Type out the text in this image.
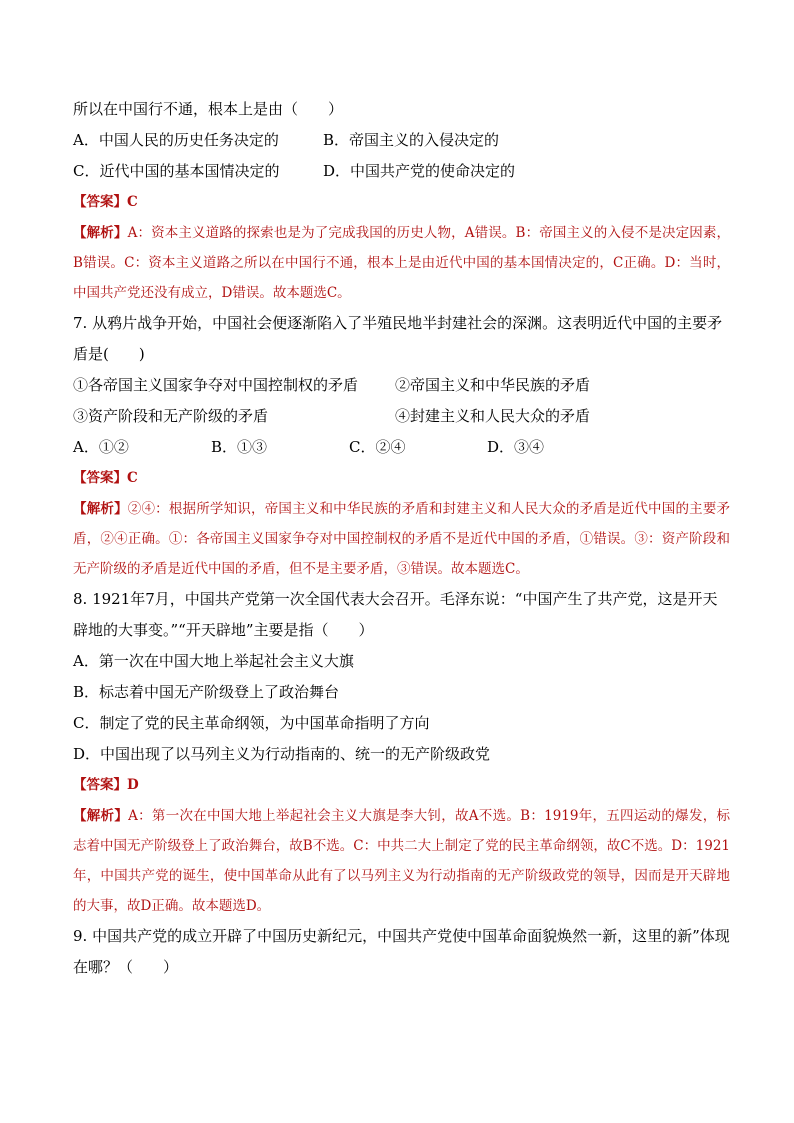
所以在中国行不通，根本上是由（　　）
A．中国人民的历史任务决定的	B．帝国主义的入侵决定的
C．近代中国的基本国情决定的	D．中国共产党的使命决定的
【答案】C
【解析】A：资本主义道路的探索也是为了完成我国的历史人物，A错误。B：帝国主义的入侵不是决定因素，B错误。C：资本主义道路之所以在中国行不通，根本上是由近代中国的基本国情决定的，C正确。D：当时，中国共产党还没有成立，D错误。故本题选C。
7. 从鸦片战争开始，中国社会便逐渐陷入了半殖民地半封建社会的深渊。这表明近代中国的主要矛盾是(　　)
①各帝国主义国家争夺对中国控制权的矛盾	②帝国主义和中华民族的矛盾
③资产阶段和无产阶级的矛盾	④封建主义和人民大众的矛盾
A．①②	B．①③	C．②④	D．③④
【答案】C
【解析】②④：根据所学知识，帝国主义和中华民族的矛盾和封建主义和人民大众的矛盾是近代中国的主要矛盾，②④正确。①：各帝国主义国家争夺对中国控制权的矛盾不是近代中国的矛盾，①错误。③：资产阶段和无产阶级的矛盾是近代中国的矛盾，但不是主要矛盾，③错误。故本题选C。
8. 1921年7月，中国共产党第一次全国代表大会召开。毛泽东说：“中国产生了共产党，这是开天辟地的大事变。”“开天辟地”主要是指（　　）
A．第一次在中国大地上举起社会主义大旗
B．标志着中国无产阶级登上了政治舞台
C．制定了党的民主革命纲领，为中国革命指明了方向
D．中国出现了以马列主义为行动指南的、统一的无产阶级政党
【答案】D
【解析】A：第一次在中国大地上举起社会主义大旗是李大钊，故A不选。B：1919年，五四运动的爆发，标志着中国无产阶级登上了政治舞台，故B不选。C：中共二大上制定了党的民主革命纲领，故C不选。D：1921年，中国共产党的诞生，使中国革命从此有了以马列主义为行动指南的无产阶级政党的领导，因而是开天辟地的大事，故D正确。故本题选D。
9. 中国共产党的成立开辟了中国历史新纪元，中国共产党使中国革命面貌焕然一新，这里的新”体现在哪？（　　）
